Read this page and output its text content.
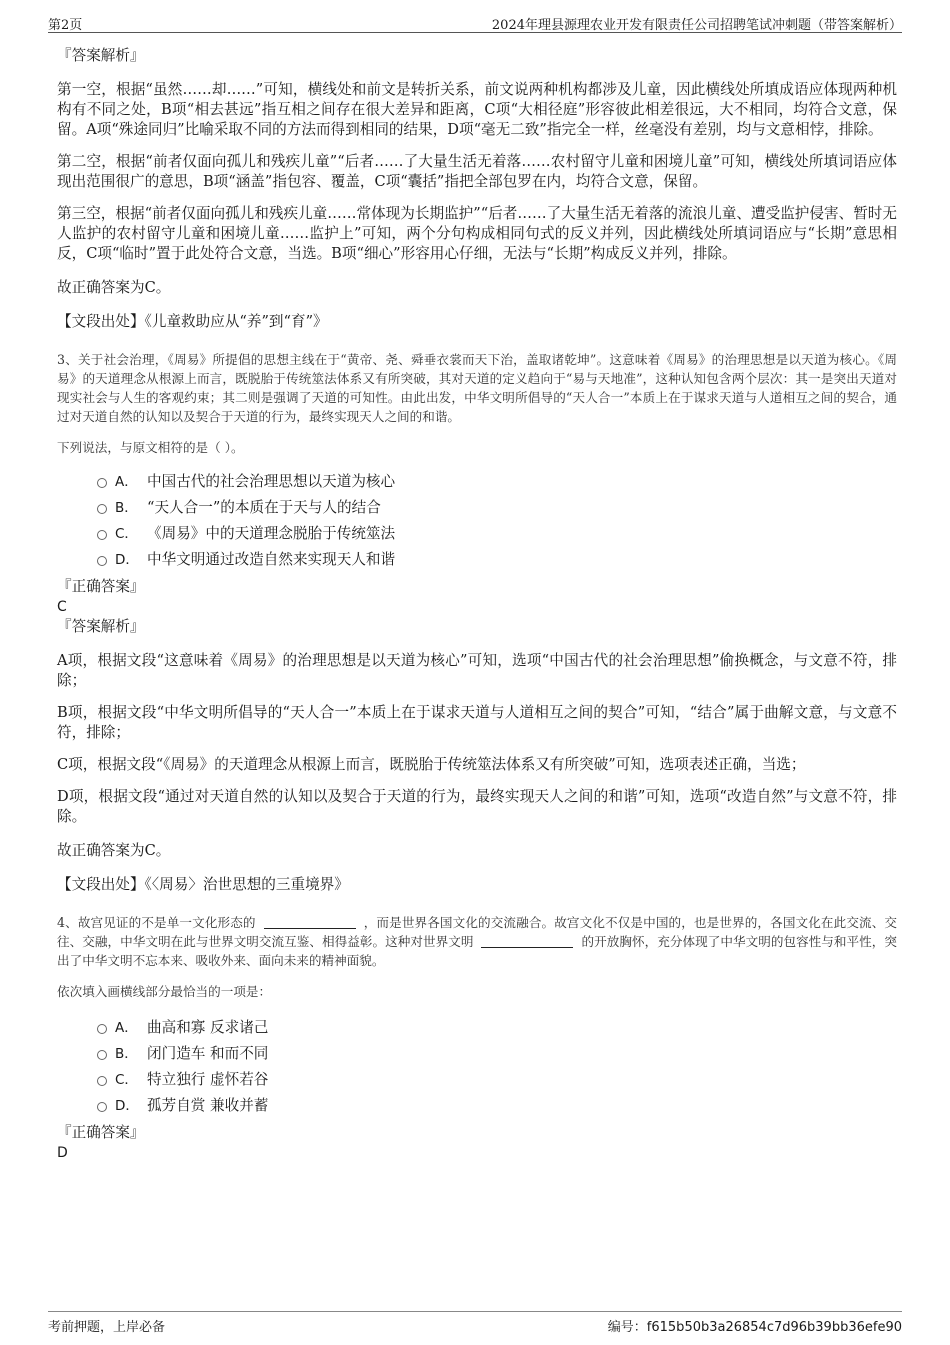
第2页	2024年理县源理农业开发有限责任公司招聘笔试冲刺题（带答案解析）

『答案解析』

第一空，根据“虽然……却……”可知，横线处和前文是转折关系，前文说两种机构都涉及儿童，因此横线处所填成语应体现两种机构有不同之处，B项“相去甚远”指互相之间存在很大差异和距离，C项“大相径庭”形容彼此相差很远，大不相同，均符合文意，保留。A项“殊途同归”比喻采取不同的方法而得到相同的结果，D项“毫无二致”指完全一样，丝毫没有差别，均与文意相悖，排除。

第二空，根据“前者仅面向孤儿和残疾儿童”“后者……了大量生活无着落……农村留守儿童和困境儿童”可知，横线处所填词语应体现出范围很广的意思，B项“涵盖”指包容、覆盖，C项“囊括”指把全部包罗在内，均符合文意，保留。

第三空，根据“前者仅面向孤儿和残疾儿童……常体现为长期监护”“后者……了大量生活无着落的流浪儿童、遭受监护侵害、暂时无人监护的农村留守儿童和困境儿童……监护上”可知，两个分句构成相同句式的反义并列，因此横线处所填词语应与“长期”意思相反，C项“临时”置于此处符合文意，当选。B项“细心”形容用心仔细，无法与“长期”构成反义并列，排除。

故正确答案为C。

【文段出处】《儿童救助应从“养”到“育”》

3、关于社会治理，《周易》所提倡的思想主线在于“黄帝、尧、舜垂衣裳而天下治，盖取诸乾坤”。这意味着《周易》的治理思想是以天道为核心。《周易》的天道理念从根源上而言，既脱胎于传统筮法体系又有所突破，其对天道的定义趋向于“易与天地准”，这种认知包含两个层次：其一是突出天道对现实社会与人生的客观约束；其二则是强调了天道的可知性。由此出发，中华文明所倡导的“天人合一”本质上在于谋求天道与人道相互之间的契合，通过对天道自然的认知以及契合于天道的行为，最终实现天人之间的和谐。

下列说法，与原文相符的是（ ）。

A． 中国古代的社会治理思想以天道为核心
B． “天人合一”的本质在于天与人的结合
C． 《周易》中的天道理念脱胎于传统筮法
D． 中华文明通过改造自然来实现天人和谐

『正确答案』

C

『答案解析』

A项，根据文段“这意味着《周易》的治理思想是以天道为核心”可知，选项“中国古代的社会治理思想”偷换概念，与文意不符，排除；

B项，根据文段“中华文明所倡导的“天人合一”本质上在于谋求天道与人道相互之间的契合”可知，“结合”属于曲解文意，与文意不符，排除；

C项，根据文段“《周易》的天道理念从根源上而言，既脱胎于传统筮法体系又有所突破”可知，选项表述正确，当选；

D项，根据文段“通过对天道自然的认知以及契合于天道的行为，最终实现天人之间的和谐”可知，选项“改造自然”与文意不符，排除。

故正确答案为C。

【文段出处】《〈周易〉治世思想的三重境界》

4、故宫见证的不是单一文化形态的	，而是世界各国文化的交流融合。故宫文化不仅是中国的，也是世界的，各国文化在此交流、交往、交融，中华文明在此与世界文明交流互鉴、相得益彰。这种对世界文明	的开放胸怀，充分体现了中华文明的包容性与和平性，突出了中华文明不忘本来、吸收外来、面向未来的精神面貌。

依次填入画横线部分最恰当的一项是：

A． 曲高和寡 反求诸己
B． 闭门造车 和而不同
C． 特立独行 虚怀若谷
D． 孤芳自赏 兼收并蓄

『正确答案』

D

考前押题，上岸必备	编号：f615b50b3a26854c7d96b39bb36efe90
